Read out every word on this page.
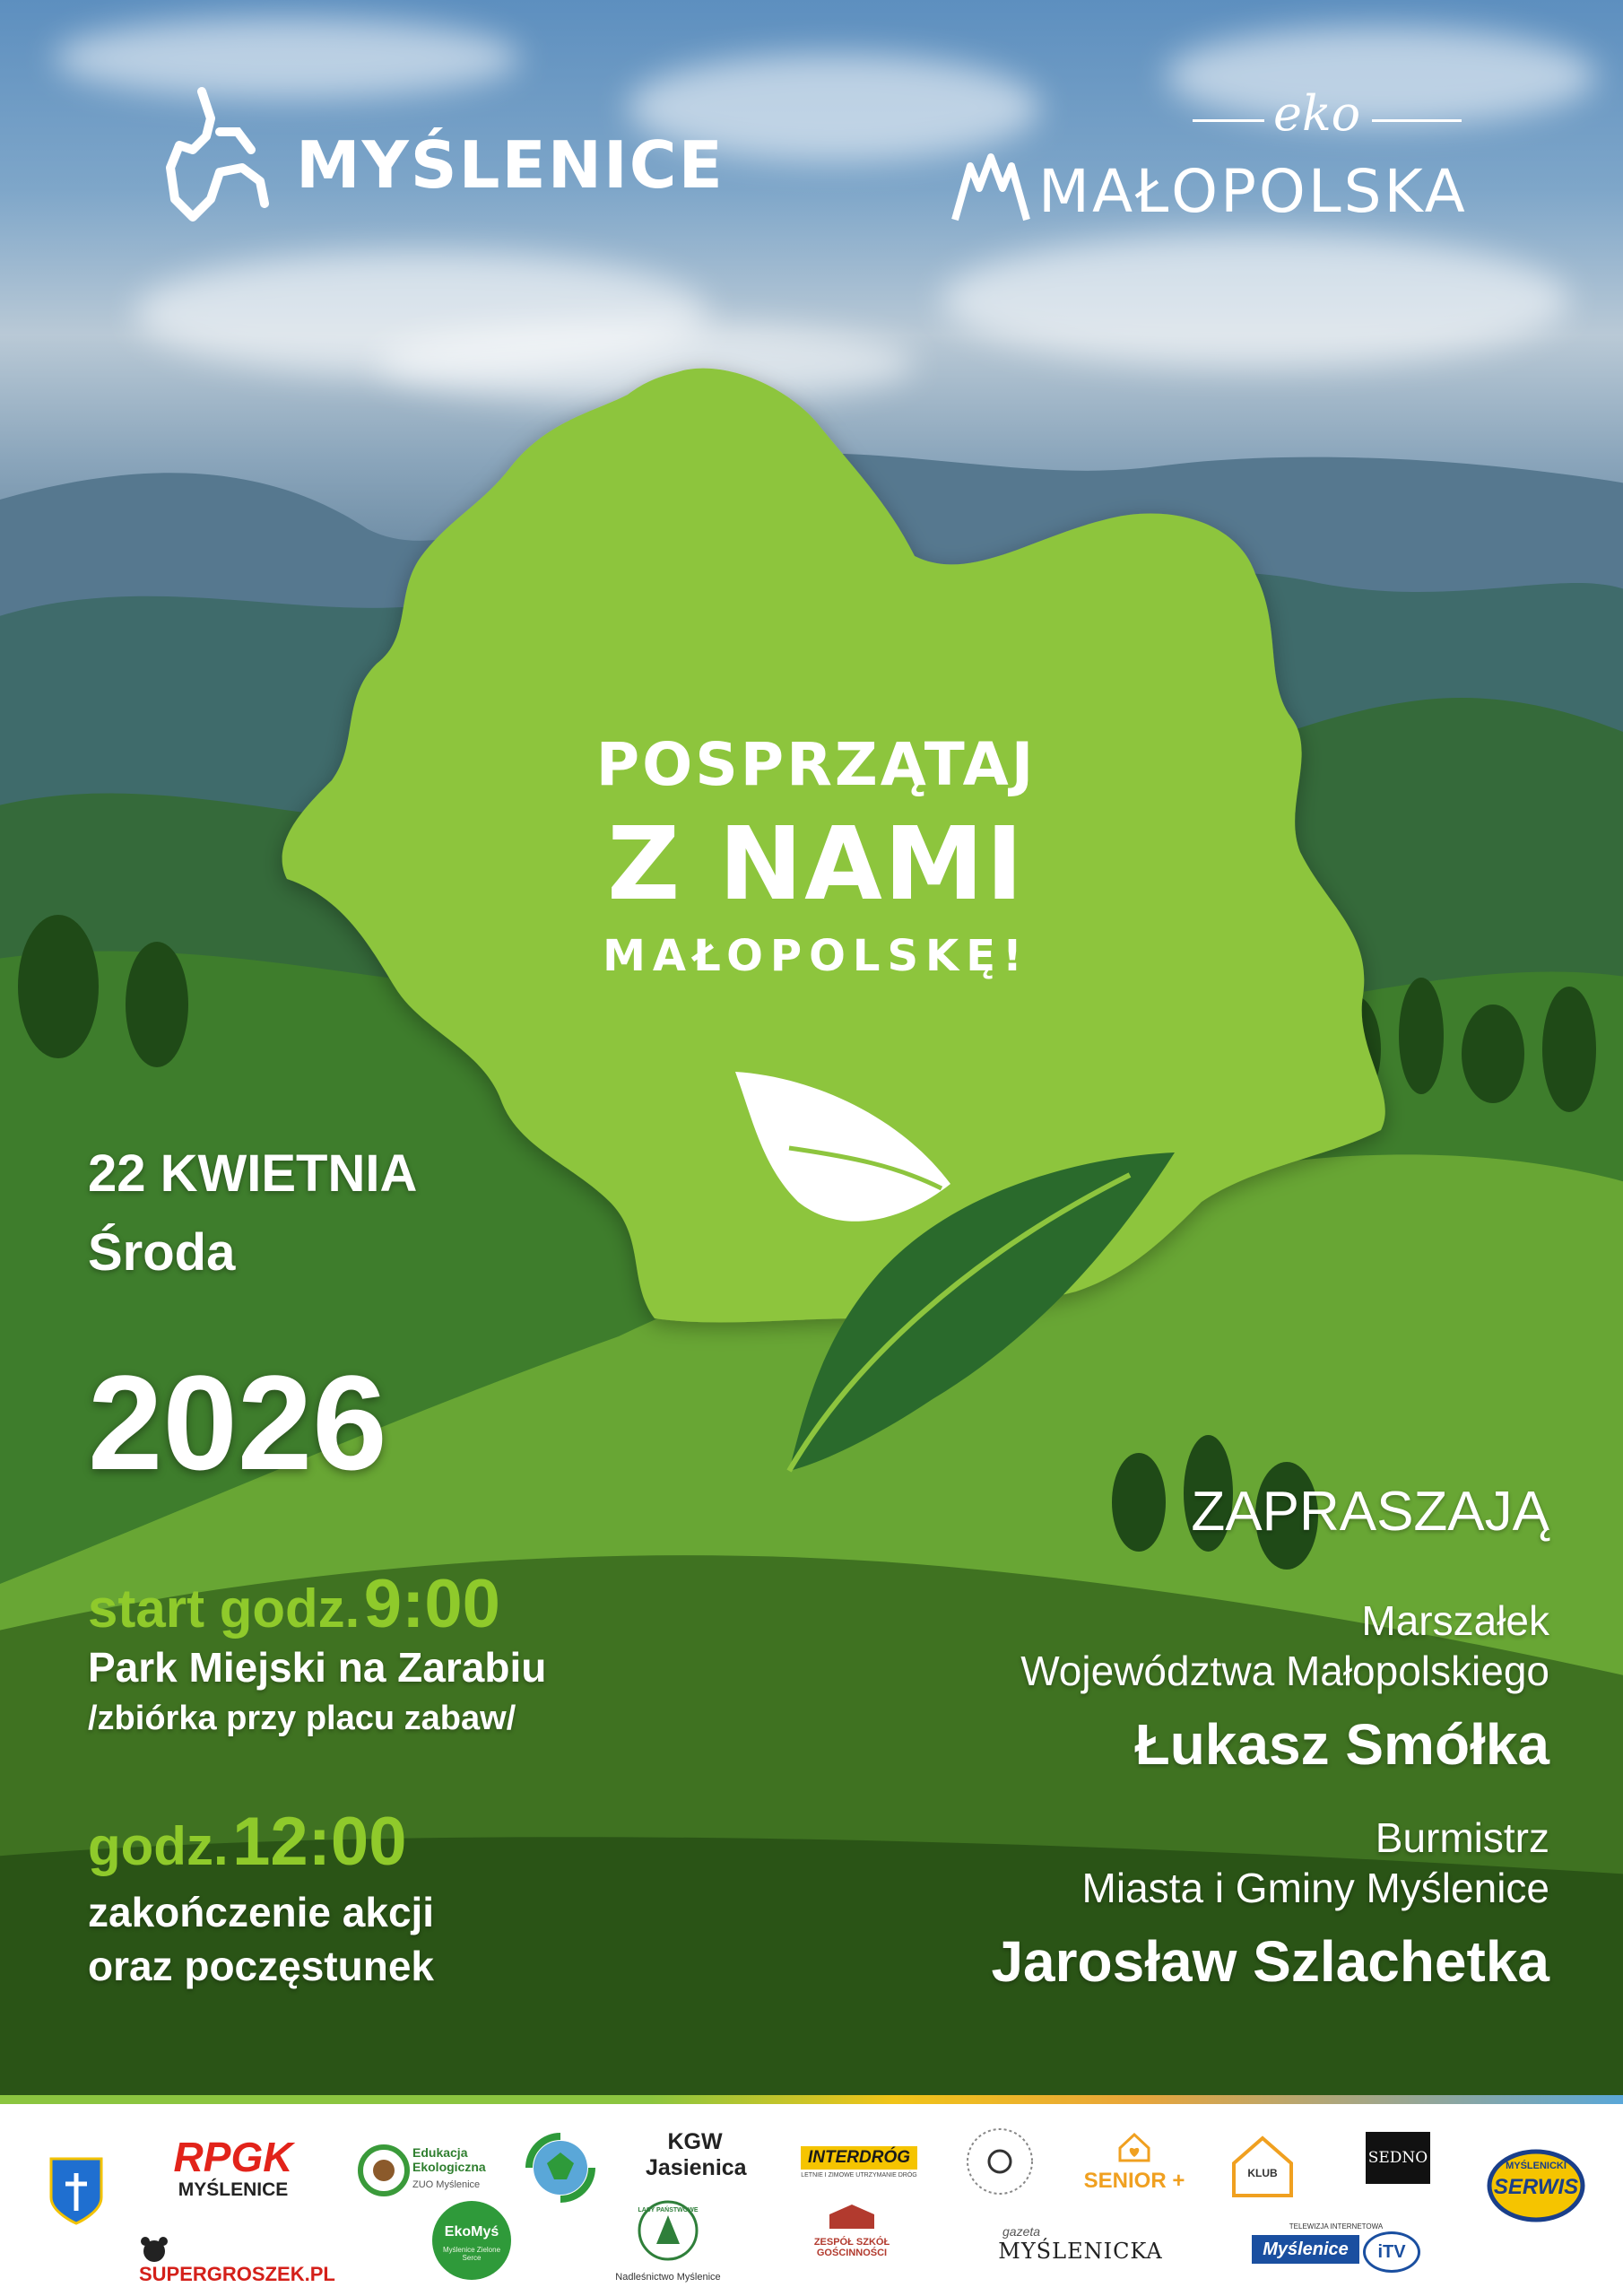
MYŚLENICE
eko
MAŁOPOLSKA
POSPRZĄTAJ
Z NAMI
MAŁOPOLSKĘ!
22 KWIETNIA
Środa
2026
start godz. 9:00
Park Miejski na Zarabiu
/zbiórka przy placu zabaw/
godz. 12:00
zakończenie akcji
oraz poczęstunek
ZAPRASZAJĄ
Marszałek
Województwa Małopolskiego
Łukasz Smółka
Burmistrz
Miasta i Gminy Myślenice
Jarosław Szlachetka
RPGK
MYŚLENICE
Edukacja Ekologiczna
ZUO Myślenice
KGW
Jasienica	INTERDRÓG
LETNIE I ZIMOWE UTRZYMANIE DRÓG	SENIOR +	KLUB
SEDNO	MYŚLENICKI
SERWIS
SUPERGROSZEK.PL
EkoMyś
Myślenice Zielone Serce
LASY PAŃSTWOWE
Nadleśnictwo Myślenice
ZESPÓŁ SZKÓŁ
GOŚCINNOŚCI
gazeta
MYŚLENICKA
TELEWIZJA INTERNETOWA
Myślenice	iTV
